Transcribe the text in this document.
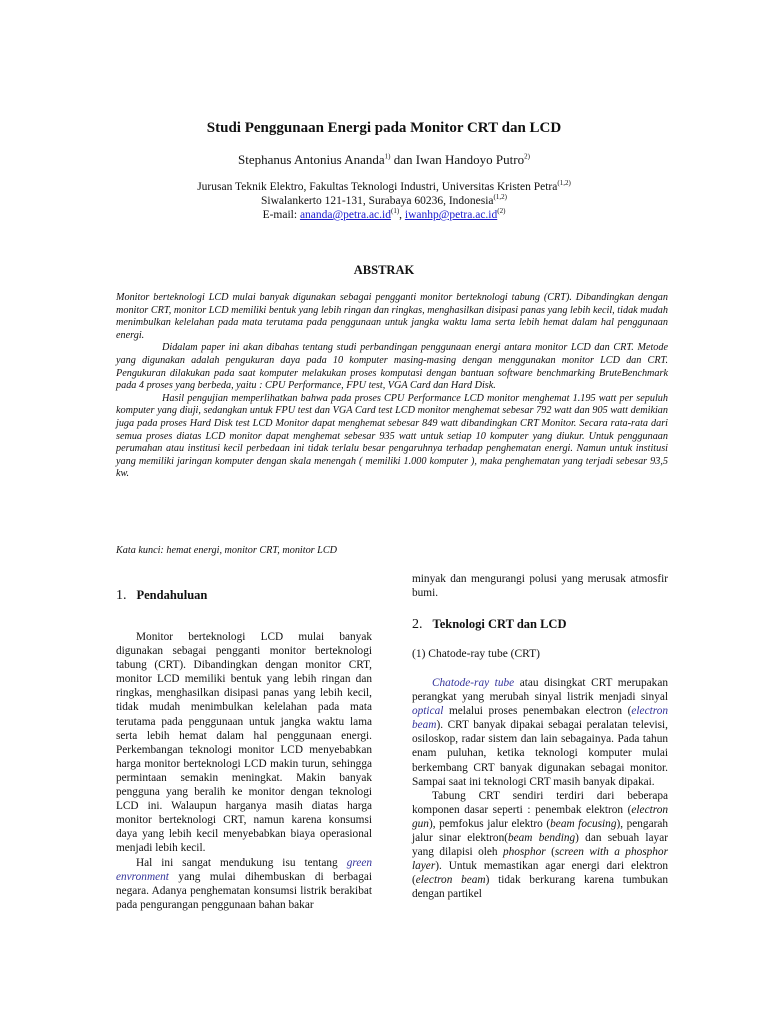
Studi Penggunaan Energi pada Monitor CRT dan LCD
Stephanus Antonius Ananda$^{1)}$ dan Iwan Handoyo Putro$^{2)}$
Jurusan Teknik Elektro, Fakultas Teknologi Industri, Universitas Kristen Petra$^{(1,2)}$
Siwalankerto 121-131, Surabaya 60236, Indonesia$^{(1,2)}$
E-mail: $ananda@petra.ac.id^{(1)}$, $iwanhp@petra.ac.id^{(2)}$
ABSTRAK

Monitor berteknologi LCD mulai banyak digunakan sebagai pengganti monitor berteknologi tabung (CRT). Dibandingkan dengan monitor CRT, monitor LCD memiliki bentuk yang lebih ringan dan ringkas, menghasilkan disipasi panas yang lebih kecil, tidak mudah menimbulkan kelelahan pada mata terutama pada penggunaan untuk jangka waktu lama serta lebih hemat dalam hal penggunaan energi.

Didalam paper ini akan dibahas tentang studi perbandingan penggunaan energi antara monitor LCD dan CRT. Metode yang digunakan adalah pengukuran daya pada 10 komputer masing-masing dengan menggunakan monitor LCD dan CRT. Pengukuran dilakukan pada saat komputer melakukan proses komputasi dengan bantuan software benchmarking BruteBenchmark pada 4 proses yang berbeda, yaitu : CPU Performance, FPU test, VGA Card dan Hard Disk.

Hasil pengujian memperlihatkan bahwa pada proses CPU Performance LCD monitor menghemat 1.195 watt per sepuluh komputer yang diuji, sedangkan untuk FPU test dan VGA Card test LCD monitor menghemat sebesar 792 watt dan 905 watt demikian juga pada proses Hard Disk test LCD Monitor dapat menghemat sebesar 849 watt dibandingkan CRT Monitor. Secara rata-rata dari semua proses diatas LCD monitor dapat menghemat sebesar 935 watt untuk setiap 10 komputer yang diukur. Untuk penggunaan perumahan atau institusi kecil perbedaan ini tidak terlalu besar pengaruhnya terhadap penghematan energi. Namun untuk institusi yang memiliki jaringan komputer dengan skala menengah ( memiliki 1.000 komputer ), maka penghematan yang terjadi sebesar 93,5 kw.

Kata kunci: hemat energi, monitor CRT, monitor LCD
1. Pendahuluan

Monitor berteknologi LCD mulai banyak digunakan sebagai pengganti monitor berteknologi tabung (CRT). Dibandingkan dengan monitor CRT, monitor LCD memiliki bentuk yang lebih ringan dan ringkas, menghasilkan disipasi panas yang lebih kecil, tidak mudah menimbulkan kelelahan pada mata terutama pada penggunaan untuk jangka waktu lama serta lebih hemat dalam hal penggunaan energi. Perkembangan teknologi monitor LCD menyebabkan harga monitor berteknologi LCD makin turun, sehingga permintaan semakin meningkat. Makin banyak pengguna yang beralih ke monitor dengan teknologi LCD ini. Walaupun harganya masih diatas harga monitor berteknologi CRT, namun karena konsumsi daya yang lebih kecil menyebabkan biaya operasional menjadi lebih kecil.

Hal ini sangat mendukung isu tentang green envronment yang mulai dihembuskan di berbagai negara. Adanya penghematan konsumsi listrik berakibat pada pengurangan penggunaan bahan bakar

minyak dan mengurangi polusi yang merusak atmosfir bumi.

2. Teknologi CRT dan LCD
(1) Chatode-ray tube (CRT)

Chatode-ray tube atau disingkat CRT merupakan perangkat yang merubah sinyal listrik menjadi sinyal optical melalui proses penembakan electron (electron beam). CRT banyak dipakai sebagai peralatan televisi, osiloskop, radar sistem dan lain sebagainya. Pada tahun enam puluhan, ketika teknologi komputer mulai berkembang CRT banyak digunakan sebagai monitor. Sampai saat ini teknologi CRT masih banyak dipakai.

Tabung CRT sendiri terdiri dari beberapa komponen dasar seperti : penembak elektron (electron gun), pemfokus jalur elektro (beam focusing), pengarah jalur sinar elektron(beam bending) dan sebuah layar yang dilapisi oleh phosphor (screen with a phosphor layer). Untuk memastikan agar energi dari elektron (electron beam) tidak berkurang karena tumbukan dengan partikel
